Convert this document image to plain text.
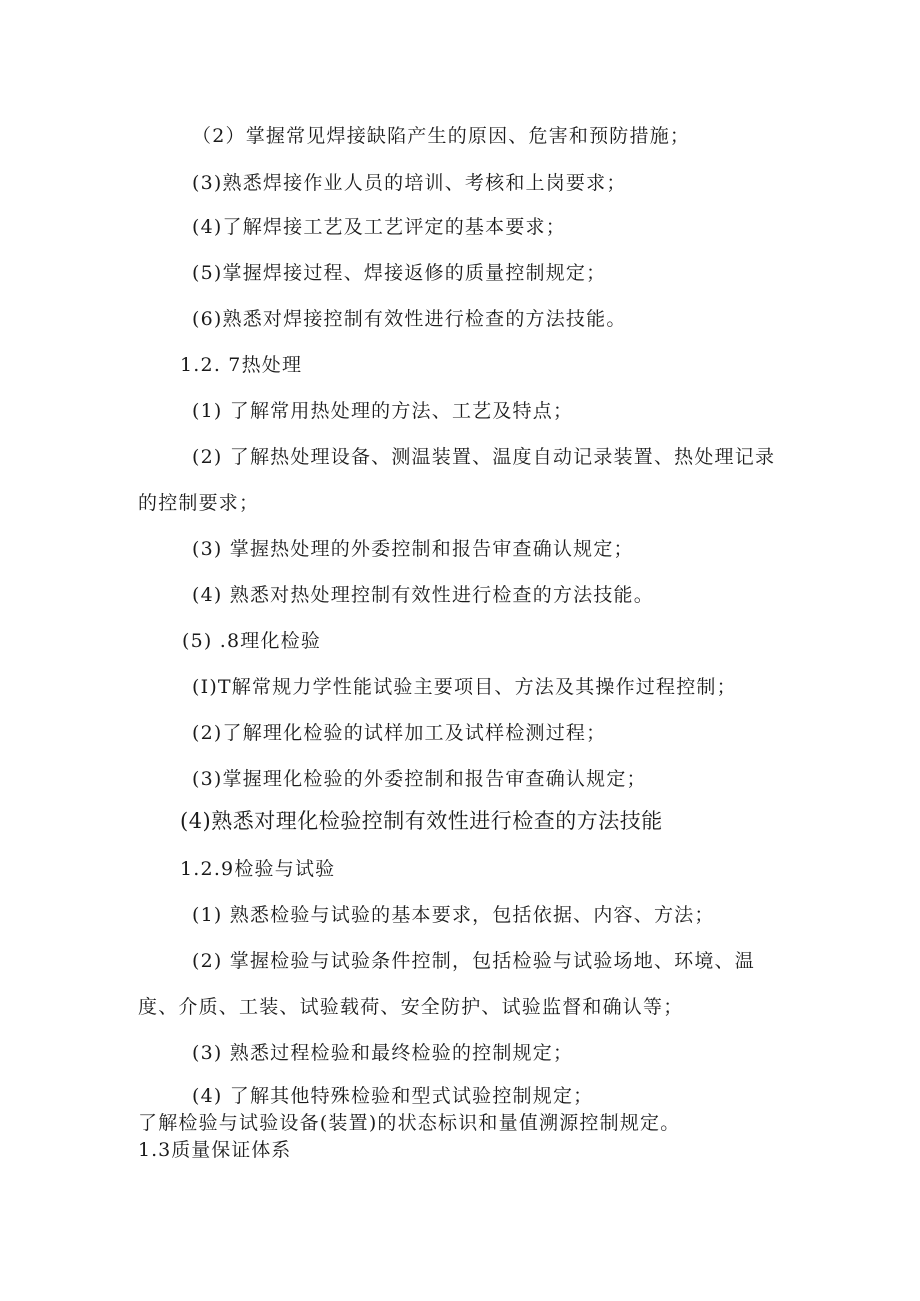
（2）掌握常见焊接缺陷产生的原因、危害和预防措施；
(3)熟悉焊接作业人员的培训、考核和上岗要求；
(4)了解焊接工艺及工艺评定的基本要求；
(5)掌握焊接过程、焊接返修的质量控制规定；
(6)熟悉对焊接控制有效性进行检查的方法技能。
1.2. 7热处理
(1) 了解常用热处理的方法、工艺及特点；
(2) 了解热处理设备、测温装置、温度自动记录装置、热处理记录
的控制要求；
(3) 掌握热处理的外委控制和报告审查确认规定；
(4) 熟悉对热处理控制有效性进行检查的方法技能。
(5) .8理化检验
(I)T解常规力学性能试验主要项目、方法及其操作过程控制；
(2)了解理化检验的试样加工及试样检测过程；
(3)掌握理化检验的外委控制和报告审查确认规定；
(4)熟悉对理化检验控制有效性进行检查的方法技能
1.2.9检验与试验
(1) 熟悉检验与试验的基本要求，包括依据、内容、方法；
(2) 掌握检验与试验条件控制，包括检验与试验场地、环境、温
度、介质、工装、试验载荷、安全防护、试验监督和确认等；
(3) 熟悉过程检验和最终检验的控制规定；
(4) 了解其他特殊检验和型式试验控制规定；
了解检验与试验设备(装置)的状态标识和量值溯源控制规定。
1.3质量保证体系
